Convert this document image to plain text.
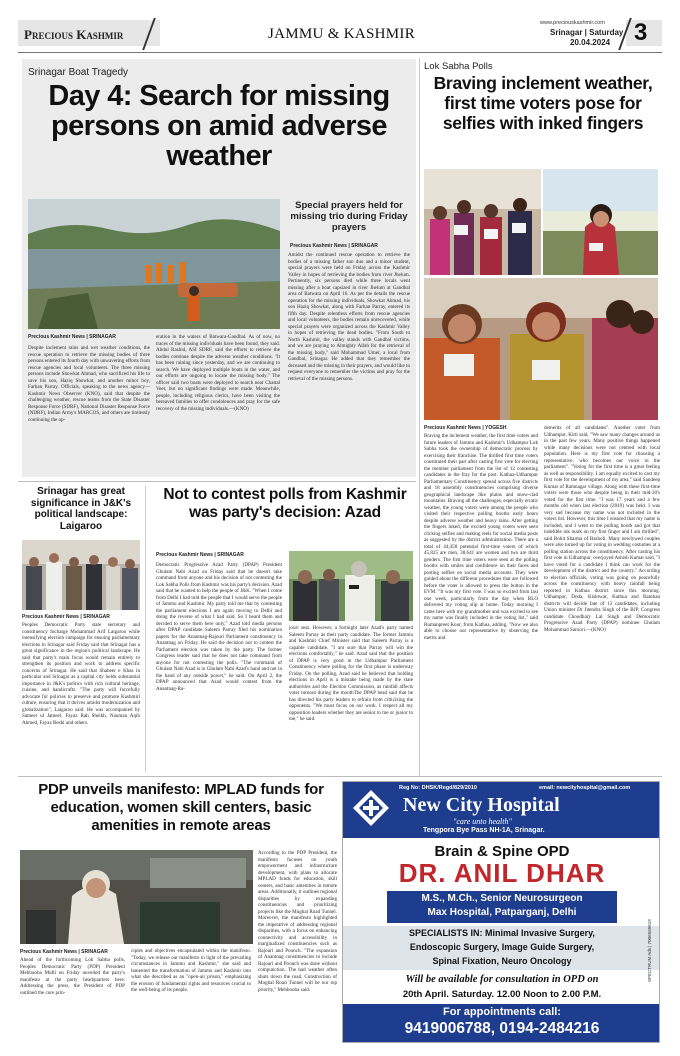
Precious Kashmir	JAMMU & KASHMIR
www.preciouskashmir.com
Srinagar | Saturday
20.04.2024 3
Srinagar Boat Tragedy
Day 4: Search for missing persons on amid adverse weather
Special prayers held for missing trio during Friday prayers
Precious Kashmir News | SRINAGAR
Precious Kashmir News | SRINAGAR
Despite inclement rains and wet weather conditions, the rescue operation to retrieve the missing bodies of three persons entered its fourth day with unwavering efforts from rescue agencies and local volunteers. The three missing persons include Showkat Ahmad, who sacrificed his life to save his son, Haziq Showkat, and another minor boy, Farhan Parray. Officials, speaking to the news agency—Kashmir News Observer (KNO), said that despite the challenging weather, rescue teams from the State Disaster Response Force (SDRF), National Disaster Response Force (NDRF), Indian Army's MARCOS, and others are tirelessly continuing the op-
eration in the waters of Batwara-Gandbal. As of now, no traces of the missing individuals have been found, they said. Abdul Rashid, ASI SDRF, said the efforts to retrieve the bodies continue despite the adverse weather conditions. "It has been raining since yesterday, and we are continuing to search. We have deployed multiple boats in the water, and our efforts are ongoing to locate the missing body." The officer said two boats were deployed to search near Chattal Veer, but no significant findings were made. Meanwhile, people, including religious clerics, have been visiting the bereaved families to offer condolences and pray for the safe recovery of the missing individuals.—(KNO)
Amidst the continued rescue operation to retrieve the bodies of a missing father son duo and a minor student, special prayers were held on Friday across the Kashmir Valley in hopes of retrieving the bodies from river Jhelum. Pertinently, six persons died while three locals went missing after a boat capsized in river Jhelum at Gandbal area of Batwara on April 16. As per the details the rescue operation for the missing individuals, Showkat Ahmad, his son Haziq Showkat, along with Farhan Parray, entered its fifth day. Despite relentless efforts from rescue agencies and local volunteers, the bodies remain unrecovered, while special prayers were organized across the Kashmir Valley in hopes of retrieving the dead bodies. "From South to North Kashmir, the valley stands with Gandbal victims, and we are praying to Almighty Allah for the retrieval of the missing body," said Mohammad Umer, a local from Gandbal, Srinagar. He added that they remember the deceased and the missing in their prayers, and would like to request everyone to remember the victims and pray for the retrieval of the missing persons.
Lok Sabha Polls
Braving inclement weather, first time voters pose for selfies with inked fingers
Precious Kashmir News | YOGESH
Braving the inclement weather, the first time voters and future leaders of Jammu and Kashmir's Udhampur Lok Sabha took the ownership of democratic process by exercising their franchise. The thrilled first time voters constituted their part after casting first vote for electing the member parliament from the list of 12 contesting candidates in the fray for the post. Kathua-Udhampur Parliamentary Constituency spread across five districts and 18 assembly constituencies comprising diverse geographical landscape like plains and snow-clad mountains. Braving all the challenges, especially erratic weather, the young voters were among the people who visited their respective polling booths early hours despite adverse weather and heavy rains. After getting the fingers inked, the excited young voters were seen clicking selfies and making reels for social media posts as suggested by the district administration. There are a total of 44,458 potential first-time voters of which 45,825 are men, 38,641 are women and two are third genders. The first time voters were seen at the polling booths with smiles and confidence on their faces and posting selfies on social media accounts. They were guided about the different procedures that are followed before the voter is allowed to press the button in the EVM. "It was my first vote. I was so excited from last one week, particularly from the day when BLO delivered my voting slip at home. Today morning I came here with my grandmother and was excited to see my name was finally included in the voting list," said Rumanpreet Kour, from Kathua, adding, "Now we also able to choose our representative by observing the merits and
demerits of all candidates". Another voter from Udhampur, Kirti said, "We saw many changes around us in the past few years. Many positive things happened while many decisions were not centred with local population. Here is my first vote for choosing a representative, who becomes our voice in the parliament". "Voting for the first time is a great feeling as well as responsibility. I am equally excited to cast my first vote for the development of my area," said Sandeep Kumar of Ramnagar village. Along with these first-time voters were those who despite being in their mid-20's voted for the first time. "I was 17 years and a few months old when last election (2019) was held. I was very sad because my name was not included in the voters list. However, this time I ensured that my name is included, and I went to the polling booth and got that indelible ink mark on my first finger and I am thrilled", said Rohit Sharma of Basholi. Many newlywed couples were also turned up for voting in wedding costumes at a polling station across the constituency. After casting his first vote in Udhampur, overjoyed Ashish Kumar said, "I have voted for a candidate I think can work for the development of the district and the country." According to election officials, voting was going on peacefully across the constituency with heavy rainfall being reported in Kathua district since this morning. Udhampur, Doda, Kishtwar, Kathua and Ramban districts will decide fate of 12 candidates, including Union minister Dr Jitendra Singh of the BJP, Congress candidate Choudhary Lal Singh and Democratic Progressive Azad Party (DPAP) nominee Ghulam Mohammad Saroori.—(KNO)
Srinagar has great significance in J&K's political landscape: Laigaroo
Precious Kashmir News | SRINAGAR
Peoples Democratic Party state secretary and constituency Incharge Mohammad Arif Laigaroo while intensifying election campaign for ensuing parliamentary elections in Srinagar said Friday said that Srinagar has a great significance in the region's political landscape. He said that party's main focus would remain entirely to strengthen its position and work to address specific concerns of Srinagar. He said that Shaheer e Khas in particular and Srinagar as a capital city holds substantial importance in J&K's politics with rich cultural heritage, cuisine, and handicrafts. "The party will forcefully advocate for policies to preserve and promote Kashmiri culture, ensuring that it thrives amidst modernization and globalization", Laigaroo said. He was accompanied by Sameer ul Jameel, Fayaz Rah Sheikh, Nauman Aqib Ahmed, Fayaz Reshi and others.
Not to contest polls from Kashmir was party's decision: Azad
Precious Kashmir News | SRINAGAR
Democratic Progressive Azad Party (DPAP) President Ghulam Nabi Azad on Friday said that he doesn't take command from anyone and his decision of not contesting the Lok Sabha Polls from Kashmir was his party's decision. Azad said that he wanted to help the people of J&K. "When I come from Delhi I had told the people that I would serve the people of Jammu and Kashmir. My party told me that by contesting the parliament elections I am again moving to Delhi and doing the reverse of what I had said. So I heard them and decided to serve them here only," Azad told media persons after DPAP candidate Saleem Parray filed his nomination papers for the Anantnag-Rajouri Parliament constituency in Anantnag on Friday. He said the decision not to contest the Parliament election was taken by the party. The former Congress leader said that he does not take command from anyone for not contesting the polls. "The command of Ghulam Nabi Azad is in Ghulam Nabi Azad's hand and not in the hand of any outside power," he said. On April 2, the DPAP announced that Azad would contest from the Anantnag-Ra-
jouri seat. However, a fortnight later Azad's party named Saleem Parray as their party candidate. The former Jammu and Kashmir Chief Minister said that Saleem Parray is a capable candidate. "I am sure that Parray will win the elections comfortably," he said. Azad said that the position of DPAP is very good in the Udhampur Parliament Constituency where polling for the first phase is underway Friday. On the polling, Azad said he believed that holding elections in April is a mistake being made by the state authorities and the Election Commission, as rainfall affects voter turnout during the monthThe DPAP head said that he has directed his party leaders to refrain from criticizing the opponents. "We must focus on our work. I respect all my opposition leaders whether they are senior to me or junior to me," he said.
PDP unveils manifesto: MPLAD funds for education, women skill centers, basic amenities in remote areas
Precious Kashmir News | SRINAGAR
Ahead of the forthcoming Lok Sabha polls, Peoples Democratic Party (PDP) President Mehbooba Mufti on Friday unveiled the party's manifesto at the party headquarters here. Addressing the press, the President of PDP outlined the core prin-
ciples and objectives encapsulated within the manifesto. "Today, we release our manifesto in light of the prevailing circumstances in Jammu and Kashmir," she said and lamented the transformation of Jammu and Kashmir into what she described as an "open-air prison," emphasizing the erosion of fundamental rights and resources crucial to the well-being of its people.
According to the PDP President, the manifesto focuses on youth empowerment and infrastructure development, with plans to allocate MPLAD funds for education, skill centers, and basic amenities in remote areas. Additionally, it outlines regional disparities by expanding constituencies and prioritizing projects like the Mughal Road Tunnel. Moreover, the manifesto highlighted the imperative of addressing regional disparities, with a focus on enhancing connectivity and accessibility in marginalized constituencies such as Rajouri and Poonch. "The expansion of Anantnag constituencies to include Rajouri and Poonch was done without compunction. The bad weather often shuts down the road. Construction of Mughal Road Tunnel will be our top priority," Mehbooba said.
Reg No: DHSK/Regd/829/2010	email: newcityhospital@gmail.com
New City Hospital
"care unto health"
Tengpora Bye Pass NH-1A, Srinagar.
Brain & Spine OPD
DR. ANIL DHAR
M.S., M.Ch., Senior Neurosurgeon
Max Hospital, Patparganj, Delhi
SPECIALISTS IN: Minimal Invasive Surgery,
Endoscopic Surgery, Image Guide Surgery,
Spinal Fixation, Neuro Oncology
Will be available for consultation in OPD on
20th April. Saturday. 12.00 Noon to 2.00 P.M.
For appointments call:
9419006788, 0194-2484216
SPECTRUM Ads | 7006560619
